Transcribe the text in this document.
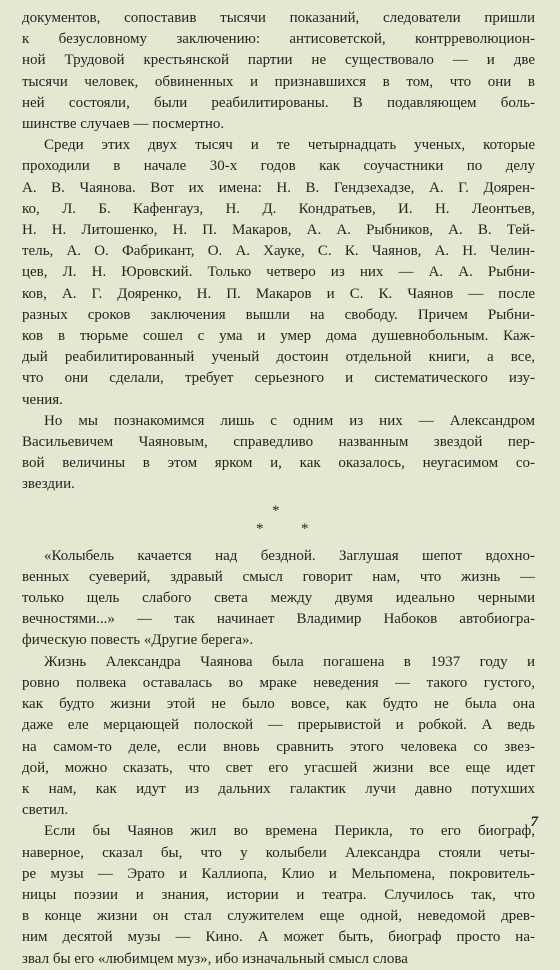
документов, сопоставив тысячи показаний, следователи пришли
к безусловному заключению: антисоветской, контрреволюцион-
ной Трудовой крестьянской партии не существовало — и две
тысячи человек, обвиненных и признавшихся в том, что они в
ней состояли, были реабилитированы. В подавляющем боль-
шинстве случаев — посмертно.

Среди этих двух тысяч и те четырнадцать ученых, которые
проходили в начале 30-х годов как соучастники по делу
А. В. Чаянова. Вот их имена: Н. В. Гендзехадзе, А. Г. Доярен-
ко, Л. Б. Кафенгауз, Н. Д. Кондратьев, И. Н. Леонтьев,
Н. Н. Литошенко, Н. П. Макаров, А. А. Рыбников, А. В. Тей-
тель, А. О. Фабрикант, О. А. Хауке, С. К. Чаянов, А. Н. Челин-
цев, Л. Н. Юровский. Только четверо из них — А. А. Рыбни-
ков, А. Г. Дояренко, Н. П. Макаров и С. К. Чаянов — после
разных сроков заключения вышли на свободу. Причем Рыбни-
ков в тюрьме сошел с ума и умер дома душевнобольным. Каж-
дый реабилитированный ученый достоин отдельной книги, а все,
что они сделали, требует серьезного и систематического изу-
чения.

Но мы познакомимся лишь с одним из них — Александром
Васильевичем Чаяновым, справедливо названным звездой пер-
вой величины в этом ярком и, как оказалось, неугасимом со-
звездии.

*
*	*

«Колыбель качается над бездной. Заглушая шепот вдохно-
венных суеверий, здравый смысл говорит нам, что жизнь —
только щель слабого света между двумя идеально черными
вечностями...» — так начинает Владимир Набоков автобиогра-
фическую повесть «Другие берега».

Жизнь Александра Чаянова была погашена в 1937 году и
ровно полвека оставалась во мраке неведения — такого густого,
как будто жизни этой не было вовсе, как будто не была она
даже еле мерцающей полоской — прерывистой и робкой. А ведь
на самом-то деле, если вновь сравнить этого человека со звез-
дой, можно сказать, что свет его угасшей жизни все еще идет
к нам, как идут из дальних галактик лучи давно потухших
светил.

Если бы Чаянов жил во времена Перикла, то его биограф,
наверное, сказал бы, что у колыбели Александра стояли четы-
ре музы — Эрато и Каллиопа, Клио и Мельпомена, покровитель-
ницы поэзии и знания, истории и театра. Случилось так, что
в конце жизни он стал служителем еще одной, неведомой древ-
ним десятой музы — Кино. А может быть, биограф просто на-
звал бы его «любимцем муз», ибо изначальный смысл слова

7
